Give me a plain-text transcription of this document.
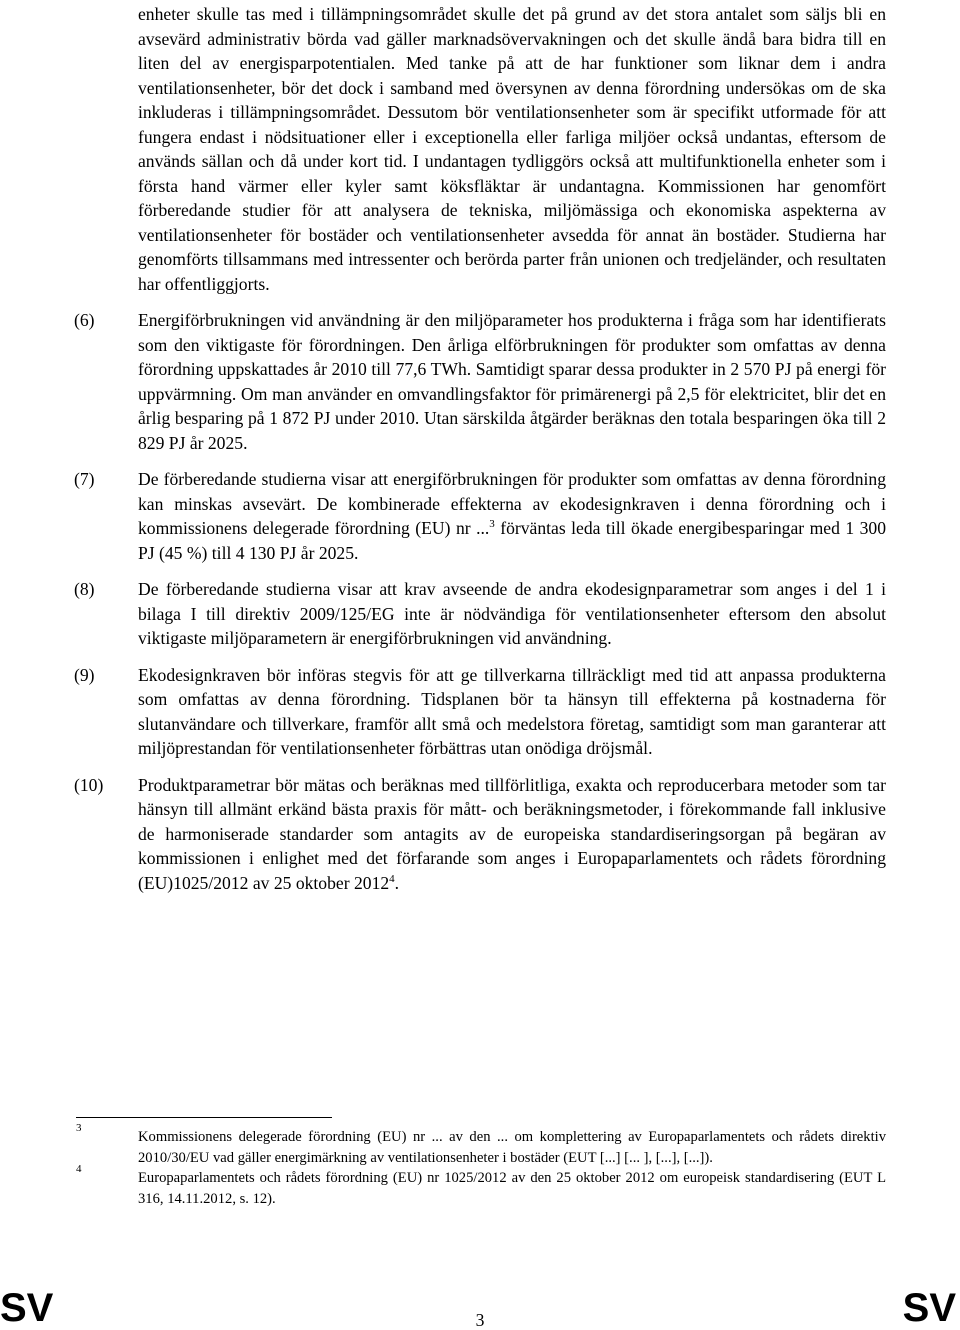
enheter skulle tas med i tillämpningsområdet skulle det på grund av det stora antalet som säljs bli en avsevärd administrativ börda vad gäller marknadsövervakningen och det skulle ändå bara bidra till en liten del av energisparpotentialen. Med tanke på att de har funktioner som liknar dem i andra ventilationsenheter, bör det dock i samband med översynen av denna förordning undersökas om de ska inkluderas i tillämpningsområdet. Dessutom bör ventilationsenheter som är specifikt utformade för att fungera endast i nödsituationer eller i exceptionella eller farliga miljöer också undantas, eftersom de används sällan och då under kort tid. I undantagen tydliggörs också att multifunktionella enheter som i första hand värmer eller kyler samt köksfläktar är undantagna. Kommissionen har genomfört förberedande studier för att analysera de tekniska, miljömässiga och ekonomiska aspekterna av ventilationsenheter för bostäder och ventilationsenheter avsedda för annat än bostäder. Studierna har genomförts tillsammans med intressenter och berörda parter från unionen och tredjeländer, och resultaten har offentliggjorts.

(6)	Energiförbrukningen vid användning är den miljöparameter hos produkterna i fråga som har identifierats som den viktigaste för förordningen. Den årliga elförbrukningen för produkter som omfattas av denna förordning uppskattades år 2010 till 77,6 TWh. Samtidigt sparar dessa produkter in 2 570 PJ på energi för uppvärmning. Om man använder en omvandlingsfaktor för primärenergi på 2,5 för elektricitet, blir det en årlig besparing på 1 872 PJ under 2010. Utan särskilda åtgärder beräknas den totala besparingen öka till 2 829 PJ år 2025.

(7)	De förberedande studierna visar att energiförbrukningen för produkter som omfattas av denna förordning kan minskas avsevärt. De kombinerade effekterna av ekodesignkraven i denna förordning och i kommissionens delegerade förordning (EU) nr ...$^3$ förväntas leda till ökade energibesparingar med 1 300 PJ (45 %) till 4 130 PJ år 2025.

(8)	De förberedande studierna visar att krav avseende de andra ekodesignparametrar som anges i del 1 i bilaga I till direktiv 2009/125/EG inte är nödvändiga för ventilationsenheter eftersom den absolut viktigaste miljöparametern är energiförbrukningen vid användning.

(9)	Ekodesignkraven bör införas stegvis för att ge tillverkarna tillräckligt med tid att anpassa produkterna som omfattas av denna förordning. Tidsplanen bör ta hänsyn till effekterna på kostnaderna för slutanvändare och tillverkare, framför allt små och medelstora företag, samtidigt som man garanterar att miljöprestandan för ventilationsenheter förbättras utan onödiga dröjsmål.

(10)	Produktparametrar bör mätas och beräknas med tillförlitliga, exakta och reproducerbara metoder som tar hänsyn till allmänt erkänd bästa praxis för mått- och beräkningsmetoder, i förekommande fall inklusive de harmoniserade standarder som antagits av de europeiska standardiseringsorgan på begäran av kommissionen i enlighet med det förfarande som anges i Europaparlamentets och rådets förordning (EU)1025/2012 av 25 oktober 2012$^4$.

3
Kommissionens delegerade förordning (EU) nr ... av den ... om komplettering av Europaparlamentets och rådets direktiv 2010/30/EU vad gäller energimärkning av ventilationsenheter i bostäder (EUT [...] [... ], [...], [...]).
4
Europaparlamentets och rådets förordning (EU) nr 1025/2012 av den 25 oktober 2012 om europeisk standardisering (EUT L 316, 14.11.2012, s. 12).
SV	3	SV
